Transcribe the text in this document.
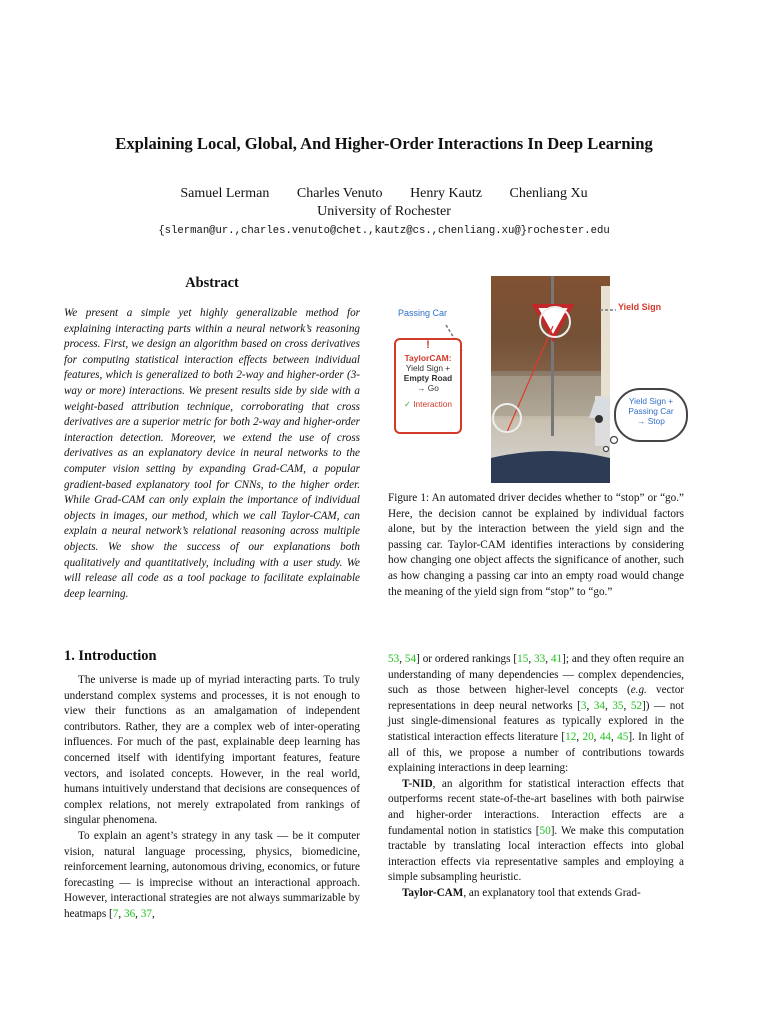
Explaining Local, Global, And Higher-Order Interactions In Deep Learning
Samuel Lerman Charles Venuto Henry Kautz Chenliang Xu
University of Rochester
{slerman@ur.,charles.venuto@chet.,kautz@cs.,chenliang.xu@}rochester.edu
Abstract
We present a simple yet highly generalizable method for explaining interacting parts within a neural network’s reasoning process. First, we design an algorithm based on cross derivatives for computing statistical interaction effects between individual features, which is generalized to both 2-way and higher-order (3-way or more) interactions. We present results side by side with a weight-based attribution technique, corroborating that cross derivatives are a superior metric for both 2-way and higher-order interaction detection. Moreover, we extend the use of cross derivatives as an explanatory device in neural networks to the computer vision setting by expanding Grad-CAM, a popular gradient-based explanatory tool for CNNs, to the higher order. While Grad-CAM can only explain the importance of individual objects in images, our method, which we call Taylor-CAM, can explain a neural network’s relational reasoning across multiple objects. We show the success of our explanations both qualitatively and quantitatively, including with a user study. We will release all code as a tool package to facilitate explainable deep learning.
Passing Car
Yield Sign
!
TaylorCAM:
Yield Sign +
Empty Road
→ Go
✓ Interaction	Yield Sign +
Passing Car
→ Stop
Figure 1: An automated driver decides whether to “stop” or “go.” Here, the decision cannot be explained by individual factors alone, but by the interaction between the yield sign and the passing car. Taylor-CAM identifies interactions by considering how changing one object affects the significance of another, such as how changing a passing car into an empty road would change the meaning of the yield sign from “stop” to “go.”
1. Introduction

The universe is made up of myriad interacting parts. To truly understand complex systems and processes, it is not enough to view their functions as an amalgamation of independent contributors. Rather, they are a complex web of inter-operating influences. For much of the past, explainable deep learning has concerned itself with identifying important features, feature vectors, and isolated concepts. However, in the real world, humans intuitively understand that decisions are consequences of complex relations, not merely extrapolated from rankings of singular phenomena.

To explain an agent’s strategy in any task — be it computer vision, natural language processing, physics, biomedicine, reinforcement learning, autonomous driving, economics, or future forecasting — is imprecise without an interactional approach. However, interactional strategies are not always summarizable by heatmaps [7, 36, 37,

53, 54] or ordered rankings [15, 33, 41]; and they often require an understanding of many dependencies — complex dependencies, such as those between higher-level concepts (e.g. vector representations in deep neural networks [3, 34, 35, 52]) — not just single-dimensional features as typically explored in the statistical interaction effects literature [12, 20, 44, 45]. In light of all of this, we propose a number of contributions towards explaining interactions in deep learning:

T-NID, an algorithm for statistical interaction effects that outperforms recent state-of-the-art baselines with both pairwise and higher-order interactions. Interaction effects are a fundamental notion in statistics [50]. We make this computation tractable by translating local interaction effects into global interaction effects via representative samples and employing a simple subsampling heuristic.

Taylor-CAM, an explanatory tool that extends Grad-
